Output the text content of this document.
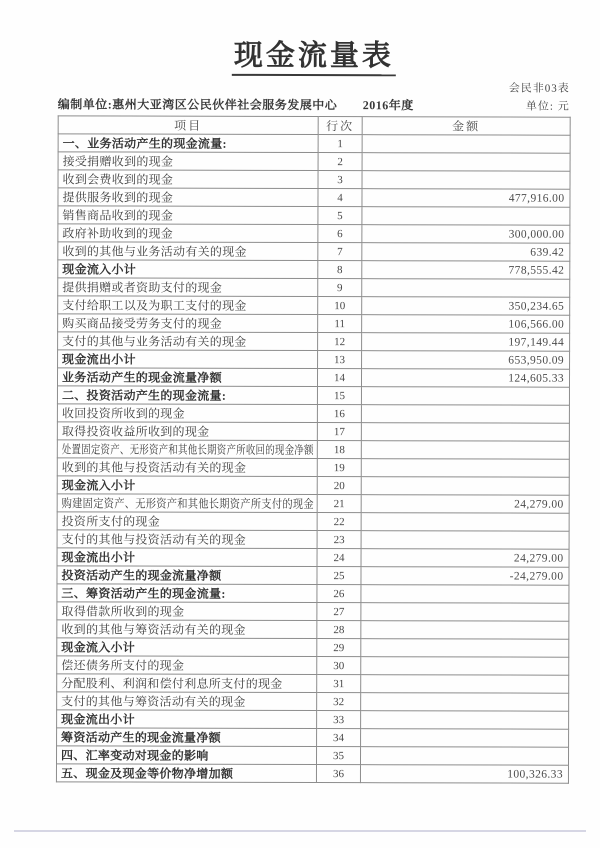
现金流量表
会民非03表
编制单位:惠州大亚湾区公民伙伴社会服务发展中心 2016年度	单位: 元
项目	行次	金额
一、业务活动产生的现金流量:	1	
接受捐赠收到的现金	2	
收到会费收到的现金	3	
提供服务收到的现金	4	477,916.00
销售商品收到的现金	5	
政府补助收到的现金	6	300,000.00
收到的其他与业务活动有关的现金	7	639.42
现金流入小计	8	778,555.42
提供捐赠或者资助支付的现金	9	
支付给职工以及为职工支付的现金	10	350,234.65
购买商品接受劳务支付的现金	11	106,566.00
支付的其他与业务活动有关的现金	12	197,149.44
现金流出小计	13	653,950.09
业务活动产生的现金流量净额	14	124,605.33
二、投资活动产生的现金流量:	15	
收回投资所收到的现金	16	
取得投资收益所收到的现金	17	
处置固定资产、无形资产和其他长期资产所收回的现金净额	18	
收到的其他与投资活动有关的现金	19	
现金流入小计	20	
购建固定资产、无形资产和其他长期资产所支付的现金	21	24,279.00
投资所支付的现金	22	
支付的其他与投资活动有关的现金	23	
现金流出小计	24	24,279.00
投资活动产生的现金流量净额	25	-24,279.00
三、筹资活动产生的现金流量:	26	
取得借款所收到的现金	27	
收到的其他与筹资活动有关的现金	28	
现金流入小计	29	
偿还债务所支付的现金	30	
分配股利、利润和偿付利息所支付的现金	31	
支付的其他与筹资活动有关的现金	32	
现金流出小计	33	
筹资活动产生的现金流量净额	34	
四、汇率变动对现金的影响	35	
五、现金及现金等价物净增加额	36	100,326.33
